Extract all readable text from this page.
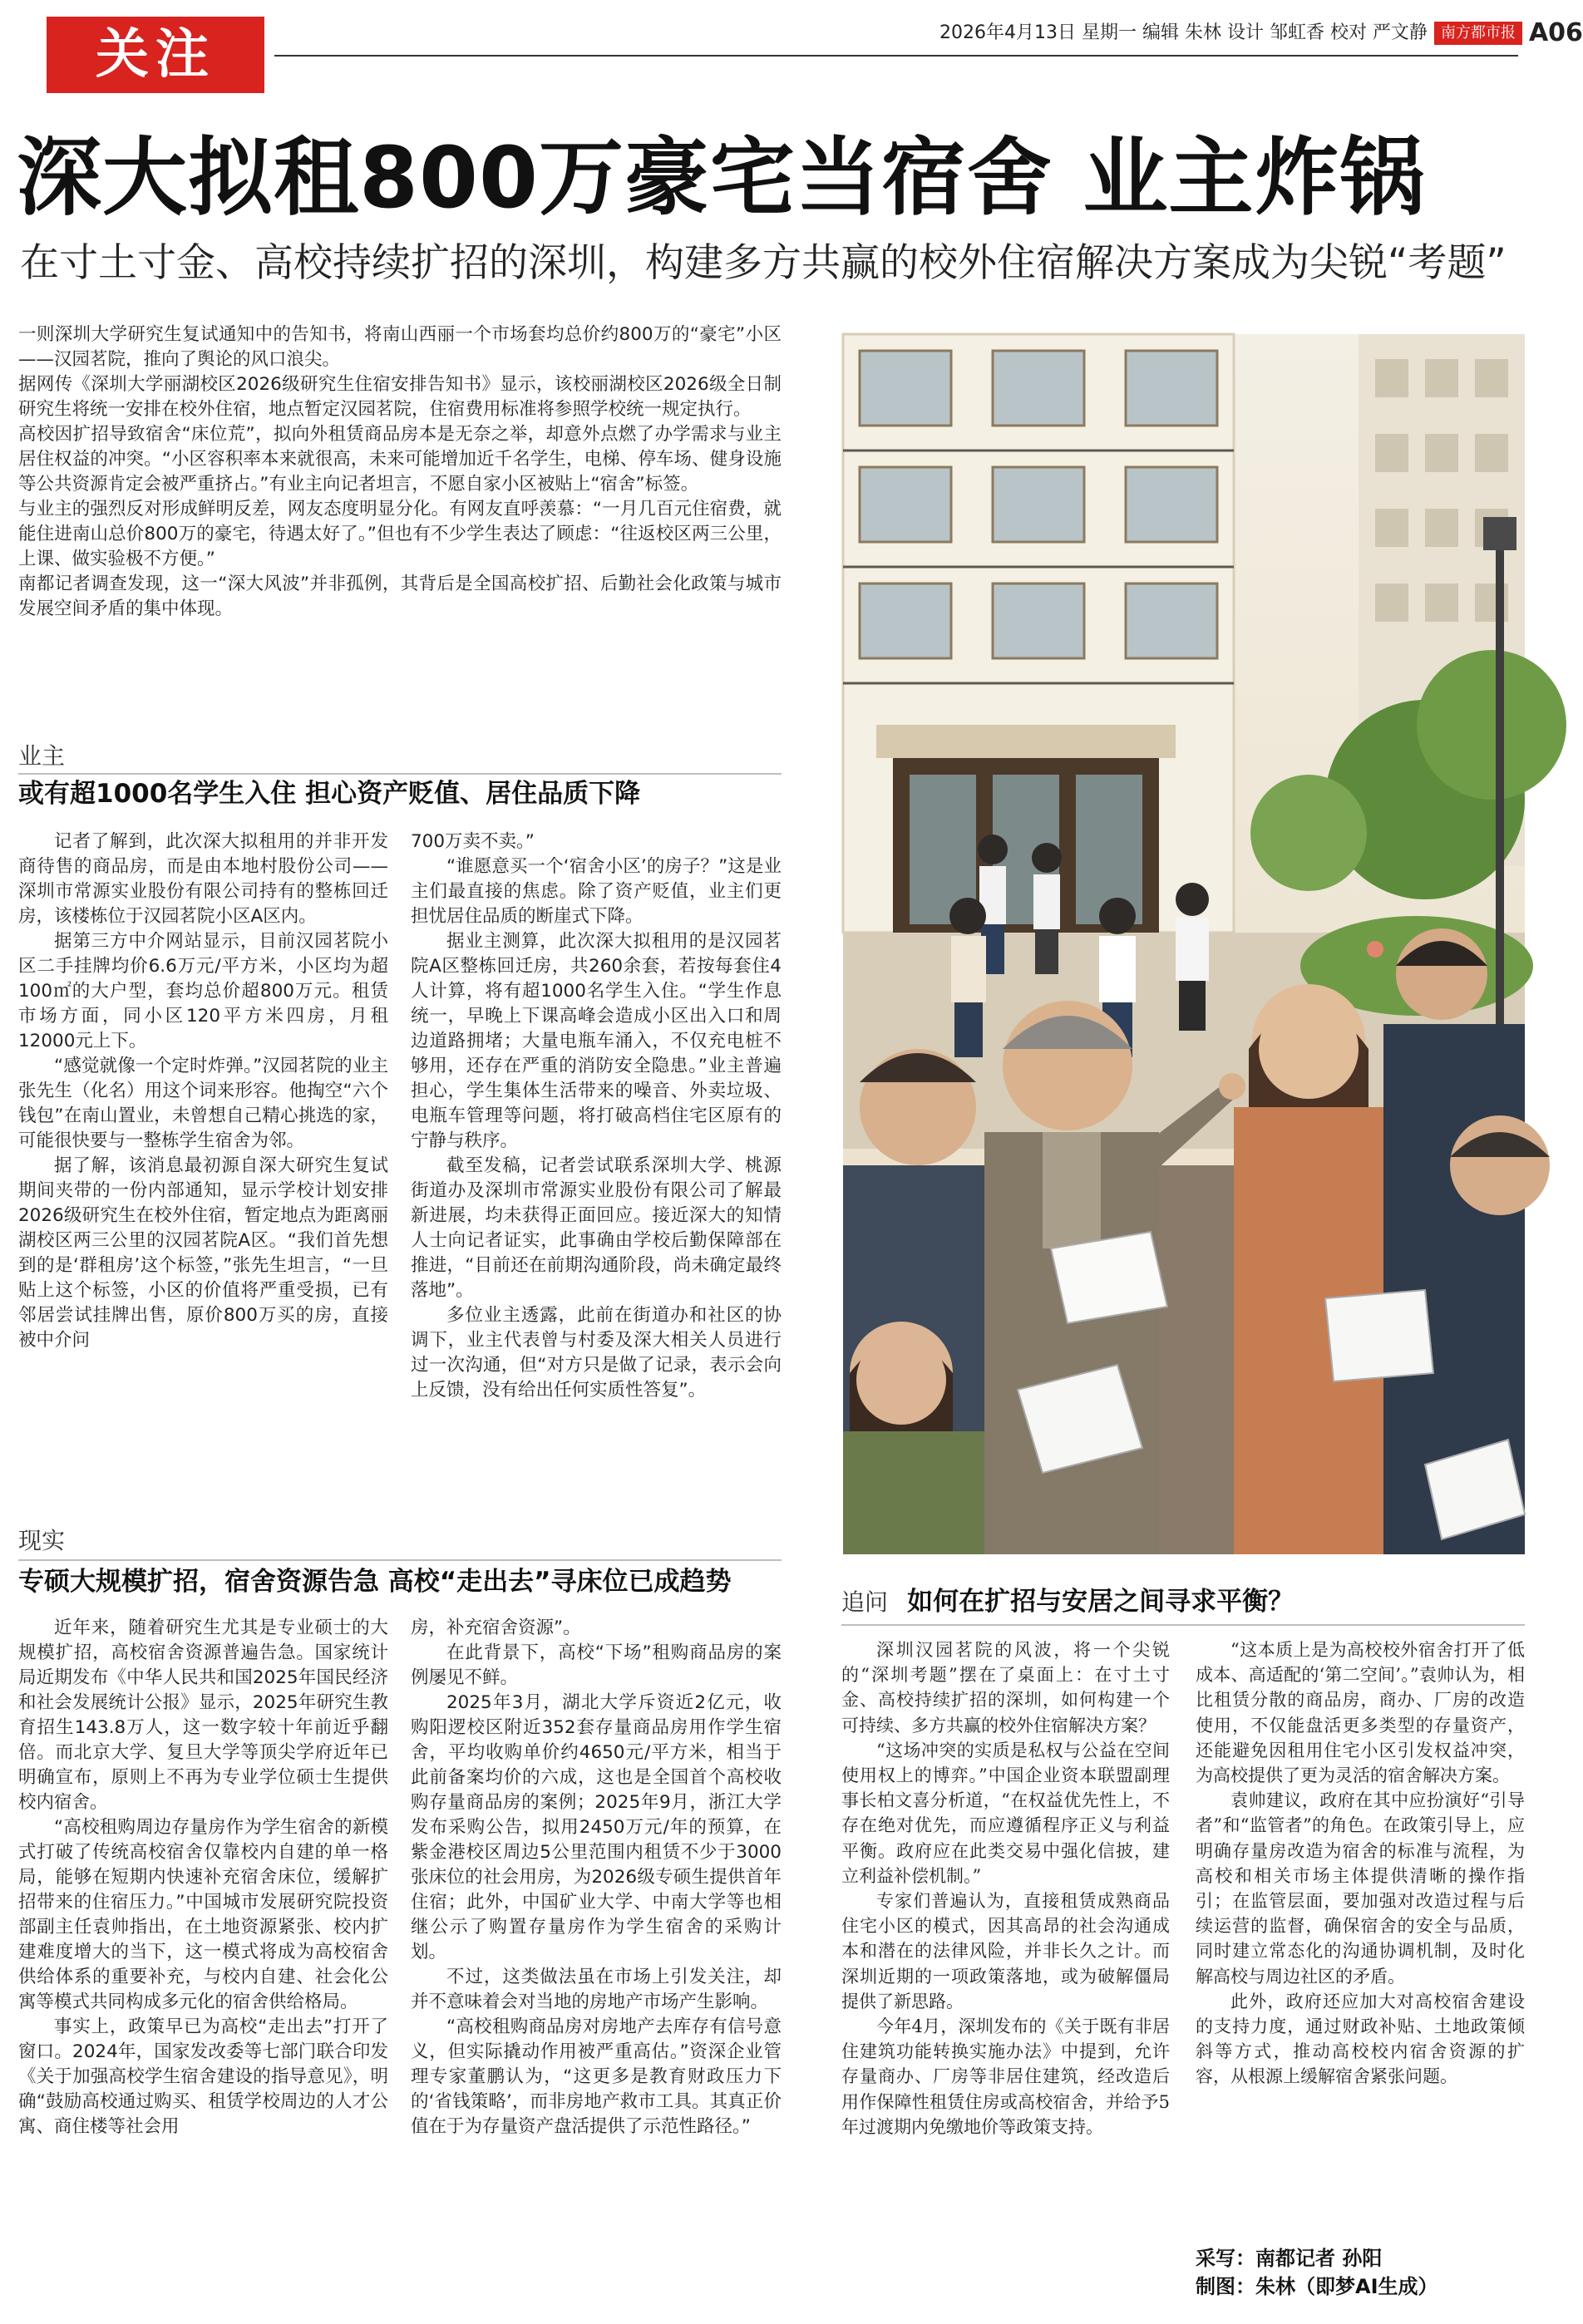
关注	2026年4月13日 星期一 编辑 朱林 设计 邹虹香 校对 严文静 南方都市报 A06
深大拟租800万豪宅当宿舍 业主炸锅
在寸土寸金、高校持续扩招的深圳，构建多方共赢的校外住宿解决方案成为尖锐“考题”

一则深圳大学研究生复试通知中的告知书，将南山西丽一个市场套均总价约800万的“豪宅”小区——汉园茗院，推向了舆论的风口浪尖。

据网传《深圳大学丽湖校区2026级研究生住宿安排告知书》显示，该校丽湖校区2026级全日制研究生将统一安排在校外住宿，地点暂定汉园茗院，住宿费用标准将参照学校统一规定执行。

高校因扩招导致宿舍“床位荒”，拟向外租赁商品房本是无奈之举，却意外点燃了办学需求与业主居住权益的冲突。“小区容积率本来就很高，未来可能增加近千名学生，电梯、停车场、健身设施等公共资源肯定会被严重挤占。”有业主向记者坦言，不愿自家小区被贴上“宿舍”标签。

与业主的强烈反对形成鲜明反差，网友态度明显分化。有网友直呼羡慕：“一月几百元住宿费，就能住进南山总价800万的豪宅，待遇太好了。”但也有不少学生表达了顾虑：“往返校区两三公里，上课、做实验极不方便。”

南都记者调查发现，这一“深大风波”并非孤例，其背后是全国高校扩招、后勤社会化政策与城市发展空间矛盾的集中体现。

业主
或有超1000名学生入住 担心资产贬值、居住品质下降

记者了解到，此次深大拟租用的并非开发商待售的商品房，而是由本地村股份公司——深圳市常源实业股份有限公司持有的整栋回迁房，该楼栋位于汉园茗院小区A区内。

据第三方中介网站显示，目前汉园茗院小区二手挂牌均价6.6万元/平方米，小区均为超100㎡的大户型，套均总价超800万元。租赁市场方面，同小区120平方米四房，月租12000元上下。

“感觉就像一个定时炸弹。”汉园茗院的业主张先生（化名）用这个词来形容。他掏空“六个钱包”在南山置业，未曾想自己精心挑选的家，可能很快要与一整栋学生宿舍为邻。

据了解，该消息最初源自深大研究生复试期间夹带的一份内部通知，显示学校计划安排2026级研究生在校外住宿，暂定地点为距离丽湖校区两三公里的汉园茗院A区。“我们首先想到的是‘群租房’这个标签，”张先生坦言，“一旦贴上这个标签，小区的价值将严重受损，已有邻居尝试挂牌出售，原价800万买的房，直接被中介问

700万卖不卖。”

“谁愿意买一个‘宿舍小区’的房子？”这是业主们最直接的焦虑。除了资产贬值，业主们更担忧居住品质的断崖式下降。

据业主测算，此次深大拟租用的是汉园茗院A区整栋回迁房，共260余套，若按每套住4人计算，将有超1000名学生入住。“学生作息统一，早晚上下课高峰会造成小区出入口和周边道路拥堵；大量电瓶车涌入，不仅充电桩不够用，还存在严重的消防安全隐患。”业主普遍担心，学生集体生活带来的噪音、外卖垃圾、电瓶车管理等问题，将打破高档住宅区原有的宁静与秩序。

截至发稿，记者尝试联系深圳大学、桃源街道办及深圳市常源实业股份有限公司了解最新进展，均未获得正面回应。接近深大的知情人士向记者证实，此事确由学校后勤保障部在推进，“目前还在前期沟通阶段，尚未确定最终落地”。

多位业主透露，此前在街道办和社区的协调下，业主代表曾与村委及深大相关人员进行过一次沟通，但“对方只是做了记录，表示会向上反馈，没有给出任何实质性答复”。

现实
专硕大规模扩招，宿舍资源告急 高校“走出去”寻床位已成趋势

近年来，随着研究生尤其是专业硕士的大规模扩招，高校宿舍资源普遍告急。国家统计局近期发布《中华人民共和国2025年国民经济和社会发展统计公报》显示，2025年研究生教育招生143.8万人，这一数字较十年前近乎翻倍。而北京大学、复旦大学等顶尖学府近年已明确宣布，原则上不再为专业学位硕士生提供校内宿舍。

“高校租购周边存量房作为学生宿舍的新模式打破了传统高校宿舍仅靠校内自建的单一格局，能够在短期内快速补充宿舍床位，缓解扩招带来的住宿压力。”中国城市发展研究院投资部副主任袁帅指出，在土地资源紧张、校内扩建难度增大的当下，这一模式将成为高校宿舍供给体系的重要补充，与校内自建、社会化公寓等模式共同构成多元化的宿舍供给格局。

事实上，政策早已为高校“走出去”打开了窗口。2024年，国家发改委等七部门联合印发《关于加强高校学生宿舍建设的指导意见》，明确“鼓励高校通过购买、租赁学校周边的人才公寓、商住楼等社会用

房，补充宿舍资源”。

在此背景下，高校“下场”租购商品房的案例屡见不鲜。

2025年3月，湖北大学斥资近2亿元，收购阳逻校区附近352套存量商品房用作学生宿舍，平均收购单价约4650元/平方米，相当于此前备案均价的六成，这也是全国首个高校收购存量商品房的案例；2025年9月，浙江大学发布采购公告，拟用2450万元/年的预算，在紫金港校区周边5公里范围内租赁不少于3000张床位的社会用房，为2026级专硕生提供首年住宿；此外，中国矿业大学、中南大学等也相继公示了购置存量房作为学生宿舍的采购计划。

不过，这类做法虽在市场上引发关注，却并不意味着会对当地的房地产市场产生影响。

“高校租购商品房对房地产去库存有信号意义，但实际撬动作用被严重高估。”资深企业管理专家董鹏认为，“这更多是教育财政压力下的‘省钱策略’，而非房地产救市工具。其真正价值在于为存量资产盘活提供了示范性路径。”

追问 如何在扩招与安居之间寻求平衡？

深圳汉园茗院的风波，将一个尖锐的“深圳考题”摆在了桌面上：在寸土寸金、高校持续扩招的深圳，如何构建一个可持续、多方共赢的校外住宿解决方案？

“这场冲突的实质是私权与公益在空间使用权上的博弈。”中国企业资本联盟副理事长柏文喜分析道，“在权益优先性上，不存在绝对优先，而应遵循程序正义与利益平衡。政府应在此类交易中强化信披，建立利益补偿机制。”

专家们普遍认为，直接租赁成熟商品住宅小区的模式，因其高昂的社会沟通成本和潜在的法律风险，并非长久之计。而深圳近期的一项政策落地，或为破解僵局提供了新思路。

今年4月，深圳发布的《关于既有非居住建筑功能转换实施办法》中提到，允许存量商办、厂房等非居住建筑，经改造后用作保障性租赁住房或高校宿舍，并给予5年过渡期内免缴地价等政策支持。

“这本质上是为高校校外宿舍打开了低成本、高适配的‘第二空间’。”袁帅认为，相比租赁分散的商品房，商办、厂房的改造使用，不仅能盘活更多类型的存量资产，还能避免因租用住宅小区引发权益冲突，为高校提供了更为灵活的宿舍解决方案。

袁帅建议，政府在其中应扮演好“引导者”和“监管者”的角色。在政策引导上，应明确存量房改造为宿舍的标准与流程，为高校和相关市场主体提供清晰的操作指引；在监管层面，要加强对改造过程与后续运营的监督，确保宿舍的安全与品质，同时建立常态化的沟通协调机制，及时化解高校与周边社区的矛盾。

此外，政府还应加大对高校宿舍建设的支持力度，通过财政补贴、土地政策倾斜等方式，推动高校校内宿舍资源的扩容，从根源上缓解宿舍紧张问题。

采写：南都记者 孙阳
制图：朱林（即梦AI生成）
